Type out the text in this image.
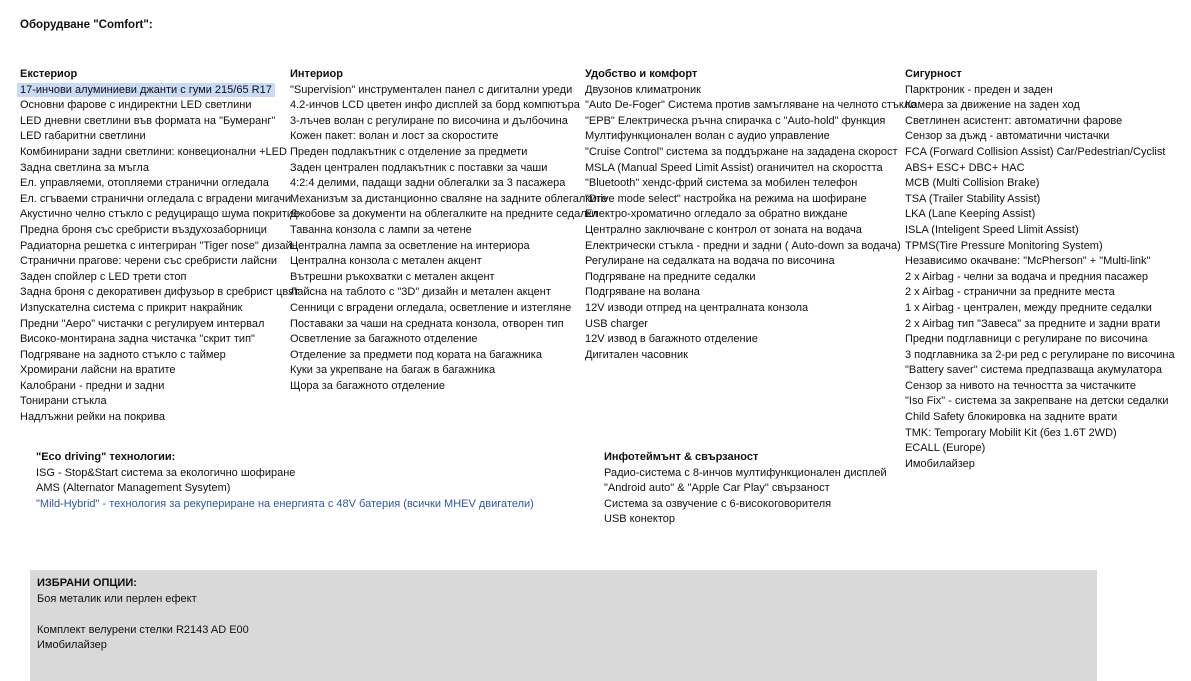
Оборудване "Comfort":
Екстериор
17-инчови алуминиеви джанти с гуми 215/65 R17
Основни фарове с индиректни LED светлини
LED дневни светлини във формата на "Бумеранг"
LED габаритни светлини
Комбинирани задни светлини: конвеционални +LED
Задна светлина за мъгла
Ел. управляеми, отопляеми странични огледала
Ел. сгъваеми странични огледала с вградени мигачи
Акустично челно стъкло с редуциращо шума покритие
Предна броня със сребристи въздухозаборници
Радиаторна решетка с интегриран "Tiger nose" дизайн
Странични прагове: черени със сребристи лайсни
Заден спойлер с LED трети стоп
Задна броня с декоративен дифузьор в сребрист цвят
Изпускателна система с прикрит накрайник
Предни "Аеро" чистачки с регулируем интервал
Високо-монтирана задна чистачка "скрит тип"
Подгряване на задното стъкло с таймер
Хромирани лайсни на вратите
Калобрани - предни и задни
Тонирани стъкла
Надлъжни рейки на покрива
Интериор
"Supervision" инструментален панел с дигитални уреди
4.2-инчов LCD цветен инфо дисплей за борд компютъра
3-лъчев волан с регулиране по височина и дълбочина
Кожен пакет: волан и лост за скоростите
Преден подлакътник с отделение за предмети
Заден централен подлакътник с поставки за чаши
4:2:4 делими, падащи задни облегалки за 3 пасажера
Механизъм за дистанционно сваляне на задните облегалките
Джобове за документи на облегалките на предните седалки
Таванна конзола с лампи за четене
Централна лампа за осветление на интериора
Централна конзола с метален акцент
Вътрешни ръкохватки с метален акцент
Лайсна на таблото с "3D" дизайн и метален акцент
Сенници с вградени огледала, осветление и изтегляне
Поставаки за чаши на средната конзола, отворен тип
Осветление за багажното отделение
Отделение за предмети под кората на багажника
Куки за укрепване на багаж в багажника
Щора за багажното отделение
Удобство и комфорт
Двузонов климатроник
"Auto De-Foger" Система против замъгляване на челното стъкло
"EPB" Електрическа ръчна спирачка с "Auto-hold" функция
Мултифункционален волан с аудио управление
"Cruise Control" система за поддържане на зададена скорост
MSLA (Manual Speed Limit Assist) оганичител на скоростта
"Bluetooth" хендс-фрий система за мобилен телефон
"Drive mode select" настройка на режима на шофиране
Електро-хроматично огледало за обратно виждане
Централно заключване с контрол от зоната на водача
Електрически стъкла - предни и задни ( Auto-down за водача)
Регулиране на седалката на водача по височина
Подгряване на предните седалки
Подгряване на волана
12V изводи отпред на централната конзола
USB charger
12V извод в багажното отделение
Дигитален часовник
Сигурност
Парктроник - преден и заден
Камера за движение на заден ход
Светлинен асистент: автоматични фарове
Сензор за дъжд - автоматични чистачки
FCA (Forward Collision Assist) Car/Pedestrian/Cyclist
ABS+ ESC+ DBC+ HAC
MCB (Multi Collision Brake)
TSA (Trailer Stability Assist)
LKA (Lane Keeping Assist)
ISLA (Inteligent Speed Llimit Assist)
TPMS(Tire Pressure Monitoring System)
Независимо окачване: "McPherson" + "Multi-link"
2 x Airbag - челни за водача и предния пасажер
2 x Airbag - странични за предните места
1 x Airbag - централен, между предните седалки
2 x Airbag тип "Завеса" за предните и задни врати
Предни подглавници с регулиране по височина
3 подглавника за 2-ри ред с регулиране по височина
"Battery saver" система предпазваща акумулатора
Сензор за нивото на течността за чистачките
"Iso Fix" - система за закрепване на детски седалки
Child Safety блокировка на задните врати
TMK: Temporary Mobilit Kit (без 1.6T 2WD)
ECALL (Europe)
Имобилайзер
"Eco driving" технологии:
ISG - Stop&Start система за екологично шофиране
AMS (Alternator Management Sysytem)
"Mild-Hybrid" - технология за рекупериране на енергията с 48V батерия (всички MHEV двигатели)
Инфотеймънт & свързаност
Радио-система с 8-инчов мултифункционален дисплей
"Android auto" & "Apple Car Play" свързаност
Система за озвучение с 6-високоговорителя
USB конектор
ИЗБРАНИ ОПЦИИ:
Боя металик или перлен ефект

Комплект велурени стелки R2143 AD E00
Имобилайзер
